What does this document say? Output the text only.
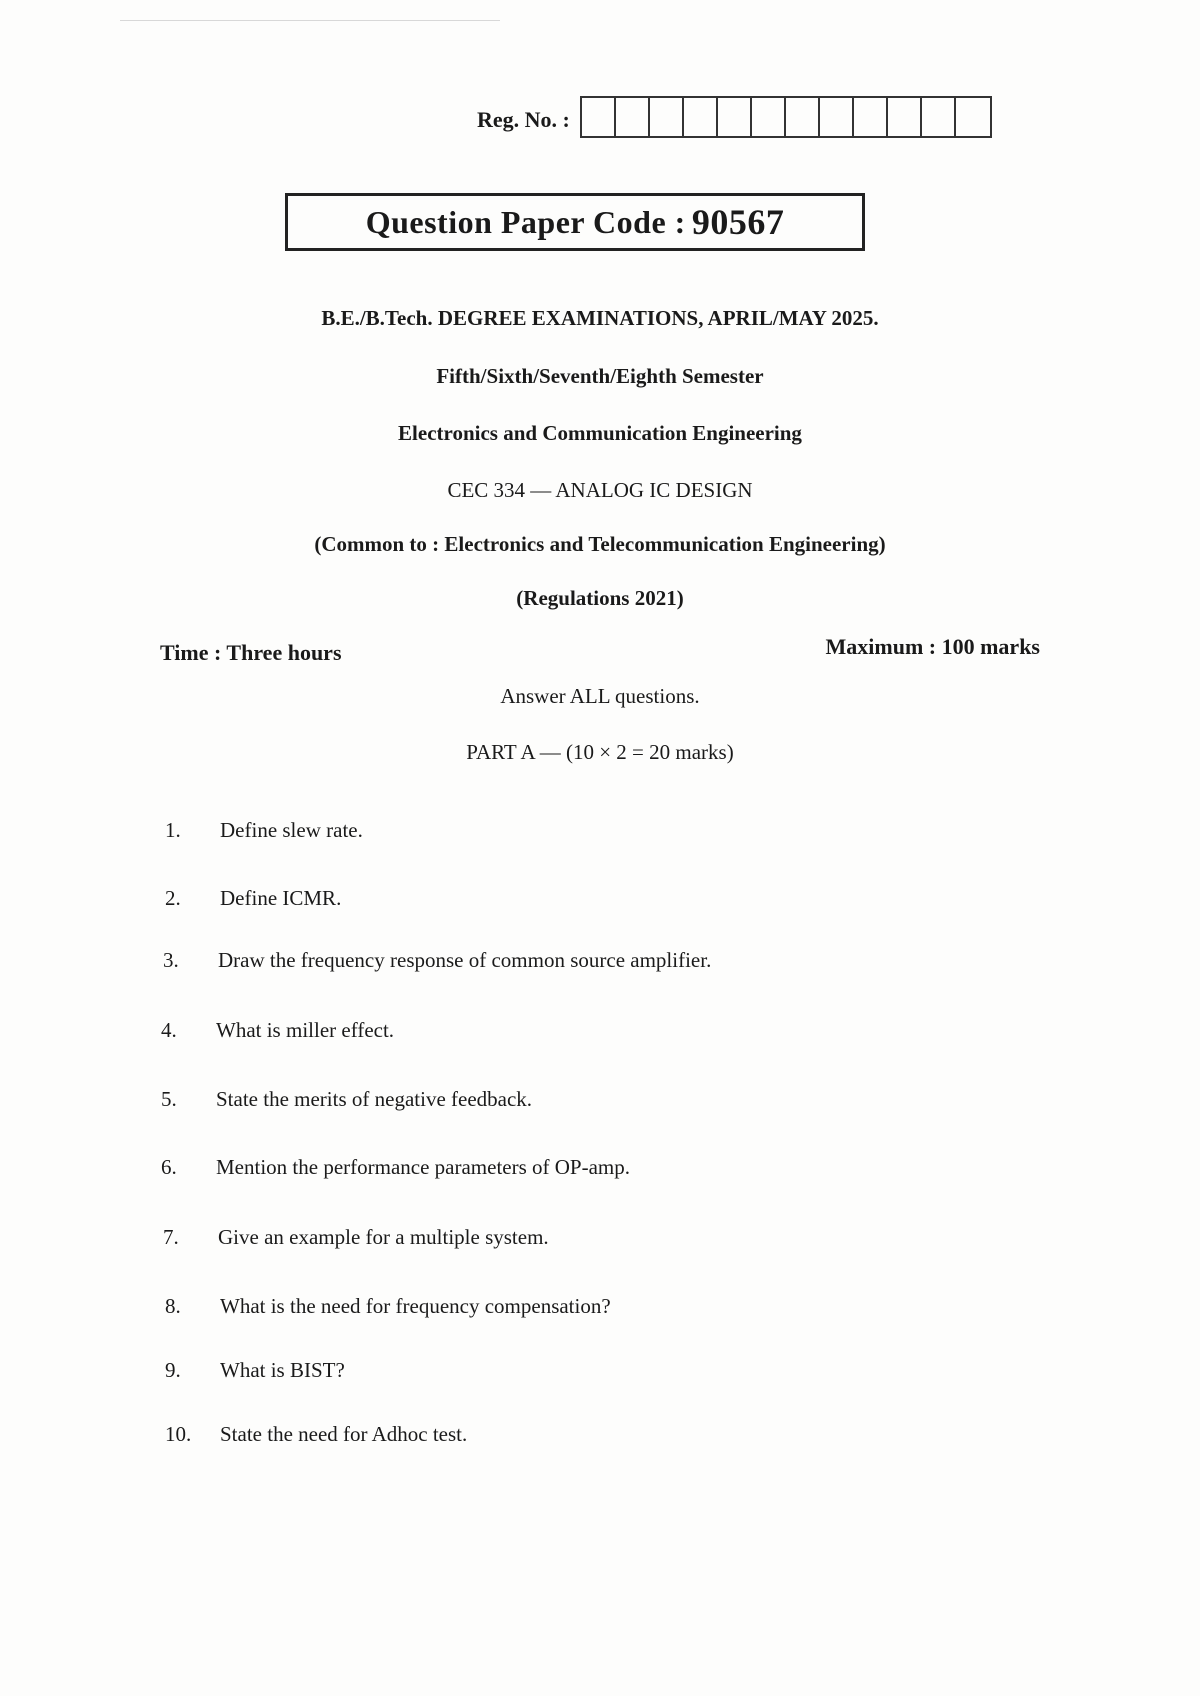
Reg. No. :
Question Paper Code : 90567
B.E./B.Tech. DEGREE EXAMINATIONS, APRIL/MAY 2025.
Fifth/Sixth/Seventh/Eighth Semester
Electronics and Communication Engineering
CEC 334 — ANALOG IC DESIGN
(Common to : Electronics and Telecommunication Engineering)
(Regulations 2021)
Time : Three hours	Maximum : 100 marks
Answer ALL questions.
PART A — (10 × 2 = 20 marks)
1.	Define slew rate.
2.	Define ICMR.
3.	Draw the frequency response of common source amplifier.
4.	What is miller effect.
5.	State the merits of negative feedback.
6.	Mention the performance parameters of OP-amp.
7.	Give an example for a multiple system.
8.	What is the need for frequency compensation?
9.	What is BIST?
10.	State the need for Adhoc test.
